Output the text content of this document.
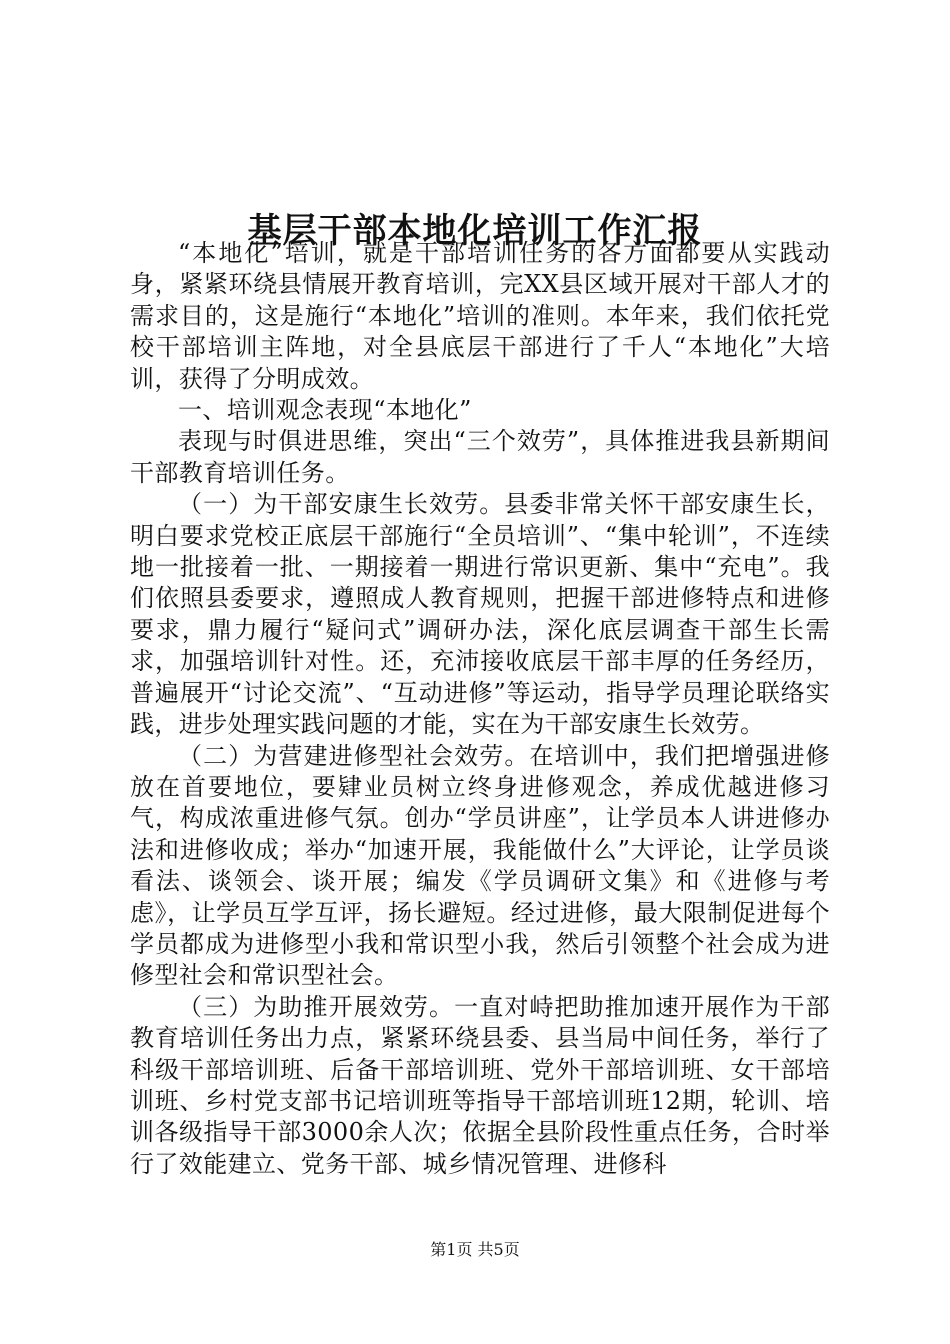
基层干部本地化培训工作汇报

“本地化”培训，就是干部培训任务的各方面都要从实践动身，紧紧环绕县情展开教育培训，完XX县区域开展对干部人才的需求目的，这是施行“本地化”培训的准则。本年来，我们依托党校干部培训主阵地，对全县底层干部进行了千人“本地化”大培训，获得了分明成效。

一、培训观念表现“本地化”

表现与时俱进思维，突出“三个效劳”，具体推进我县新期间干部教育培训任务。

（一）为干部安康生长效劳。县委非常关怀干部安康生长，明白要求党校正底层干部施行“全员培训”、“集中轮训”，不连续地一批接着一批、一期接着一期进行常识更新、集中“充电”。我们依照县委要求，遵照成人教育规则，把握干部进修特点和进修要求，鼎力履行“疑问式”调研办法，深化底层调查干部生长需求，加强培训针对性。还，充沛接收底层干部丰厚的任务经历，普遍展开“讨论交流”、“互动进修”等运动，指导学员理论联络实践，进步处理实践问题的才能，实在为干部安康生长效劳。

（二）为营建进修型社会效劳。在培训中，我们把增强进修放在首要地位，要肄业员树立终身进修观念，养成优越进修习气，构成浓重进修气氛。创办“学员讲座”，让学员本人讲进修办法和进修收成；举办“加速开展，我能做什么”大评论，让学员谈看法、谈领会、谈开展；编发《学员调研文集》和《进修与考虑》，让学员互学互评，扬长避短。经过进修，最大限制促进每个学员都成为进修型小我和常识型小我，然后引领整个社会成为进修型社会和常识型社会。

（三）为助推开展效劳。一直对峙把助推加速开展作为干部教育培训任务出力点，紧紧环绕县委、县当局中间任务，举行了科级干部培训班、后备干部培训班、党外干部培训班、女干部培训班、乡村党支部书记培训班等指导干部培训班12期，轮训、培训各级指导干部3000余人次；依据全县阶段性重点任务，合时举行了效能建立、党务干部、城乡情况管理、进修科

第1页 共5页
